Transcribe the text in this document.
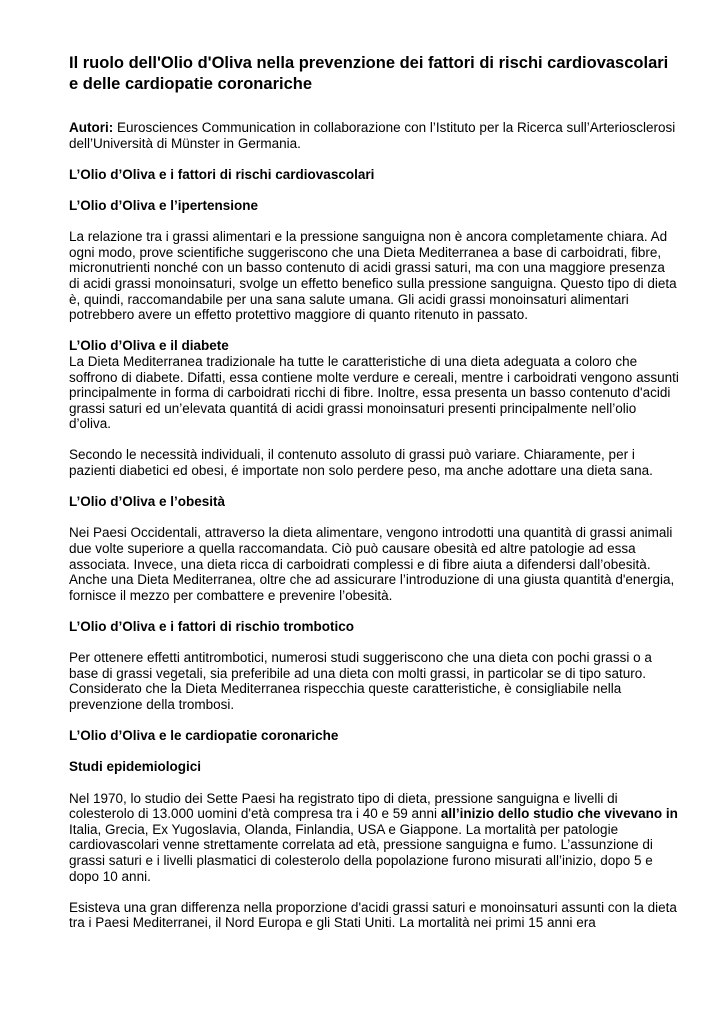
Il ruolo dell'Olio d'Oliva nella prevenzione dei fattori di rischi cardiovascolari e delle cardiopatie coronariche

Autori: Eurosciences Communication in collaborazione con l’Istituto per la Ricerca sull’Arteriosclerosi dell’Università di Münster in Germania.

L’Olio d’Oliva e i fattori di rischi cardiovascolari

L’Olio d’Oliva e l’ipertensione

La relazione tra i grassi alimentari e la pressione sanguigna non è ancora completamente chiara. Ad ogni modo, prove scientifiche suggeriscono che una Dieta Mediterranea a base di carboidrati, fibre, micronutrienti nonché con un basso contenuto di acidi grassi saturi, ma con una maggiore presenza di acidi grassi monoinsaturi, svolge un effetto benefico sulla pressione sanguigna. Questo tipo di dieta è, quindi, raccomandabile per una sana salute umana. Gli acidi grassi monoinsaturi alimentari potrebbero avere un effetto protettivo maggiore di quanto ritenuto in passato.

L’Olio d’Oliva e il diabete

La Dieta Mediterranea tradizionale ha tutte le caratteristiche di una dieta adeguata a coloro che soffrono di diabete. Difatti, essa contiene molte verdure e cereali, mentre i carboidrati vengono assunti principalmente in forma di carboidrati ricchi di fibre. Inoltre, essa presenta un basso contenuto d'acidi grassi saturi ed un’elevata quantitá di acidi grassi monoinsaturi presenti principalmente nell’olio d’oliva.

Secondo le necessità individuali, il contenuto assoluto di grassi può variare. Chiaramente, per i pazienti diabetici ed obesi, é importate non solo perdere peso, ma anche adottare una dieta sana.

L’Olio d’Oliva e l’obesità

Nei Paesi Occidentali, attraverso la dieta alimentare, vengono introdotti una quantità di grassi animali due volte superiore a quella raccomandata. Ciò può causare obesità ed altre patologie ad essa associata. Invece, una dieta ricca di carboidrati complessi e di fibre aiuta a difendersi dall’obesità. Anche una Dieta Mediterranea, oltre che ad assicurare l’introduzione di una giusta quantità d'energia, fornisce il mezzo per combattere e prevenire l’obesità.

L’Olio d’Oliva e i fattori di rischio trombotico

Per ottenere effetti antitrombotici, numerosi studi suggeriscono che una dieta con pochi grassi o a base di grassi vegetali, sia preferibile ad una dieta con molti grassi, in particolar se di tipo saturo. Considerato che la Dieta Mediterranea rispecchia queste caratteristiche, è consigliabile nella prevenzione della trombosi.

L’Olio d’Oliva e le cardiopatie coronariche

Studi epidemiologici

Nel 1970, lo studio dei Sette Paesi ha registrato tipo di dieta, pressione sanguigna e livelli di colesterolo di 13.000 uomini d'età compresa tra i 40 e 59 anni all’inizio dello studio che vivevano in Italia, Grecia, Ex Yugoslavia, Olanda, Finlandia, USA e Giappone. La mortalità per patologie cardiovascolari venne strettamente correlata ad età, pressione sanguigna e fumo. L’assunzione di grassi saturi e i livelli plasmatici di colesterolo della popolazione furono misurati all’inizio, dopo 5 e dopo 10 anni.

Esisteva una gran differenza nella proporzione d'acidi grassi saturi e monoinsaturi assunti con la dieta tra i Paesi Mediterranei, il Nord Europa e gli Stati Uniti. La mortalità nei primi 15 anni era
